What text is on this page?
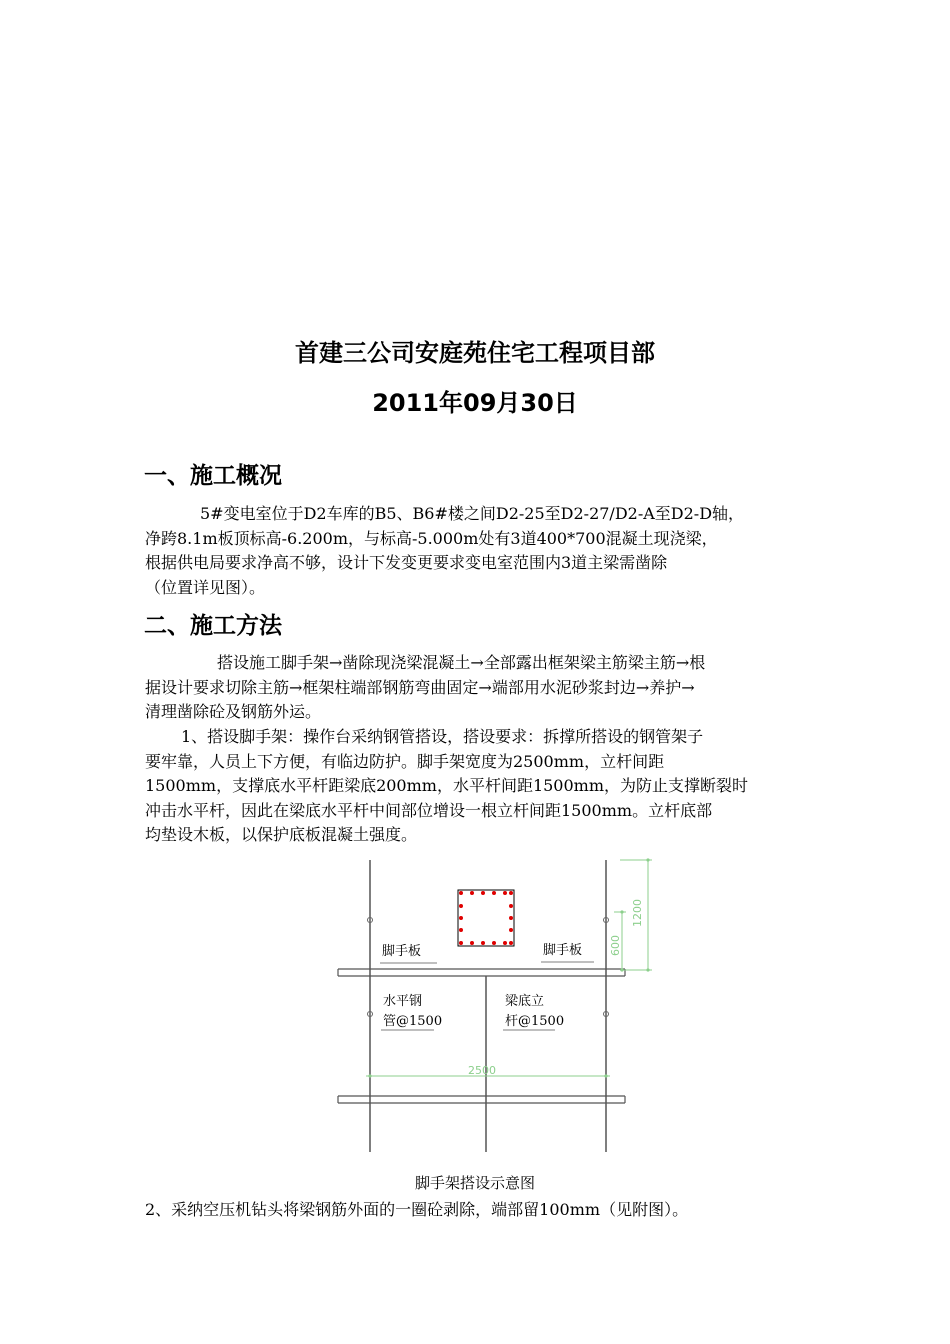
首建三公司安庭苑住宅工程项目部
2011年09月30日
一、施工概况
5#变电室位于D2车库的B5、B6#楼之间D2-25至D2-27/D2-A至D2-D轴，
净跨8.1m板顶标高-6.200m，与标高-5.000m处有3道400*700混凝土现浇梁，
根据供电局要求净高不够，设计下发变更要求变电室范围内3道主梁需凿除
（位置详见图）。
二、施工方法
搭设施工脚手架→凿除现浇梁混凝土→全部露出框架梁主筋梁主筋→根
据设计要求切除主筋→框架柱端部钢筋弯曲固定→端部用水泥砂浆封边→养护→
清理凿除砼及钢筋外运。
1、搭设脚手架：操作台采纳钢管搭设，搭设要求：拆撑所搭设的钢管架子
要牢靠，人员上下方便，有临边防护。脚手架宽度为2500mm，立杆间距
1500mm，支撑底水平杆距梁底200mm，水平杆间距1500mm，为防止支撑断裂时
冲击水平杆，因此在梁底水平杆中间部位增设一根立杆间距1500mm。立杆底部
均垫设木板，以保护底板混凝土强度。
脚手板	脚手板
水平钢
管@1500
梁底立
杆@1500
1200
600
2500
脚手架搭设示意图
2、采纳空压机钻头将梁钢筋外面的一圈砼剥除，端部留100mm（见附图）。
